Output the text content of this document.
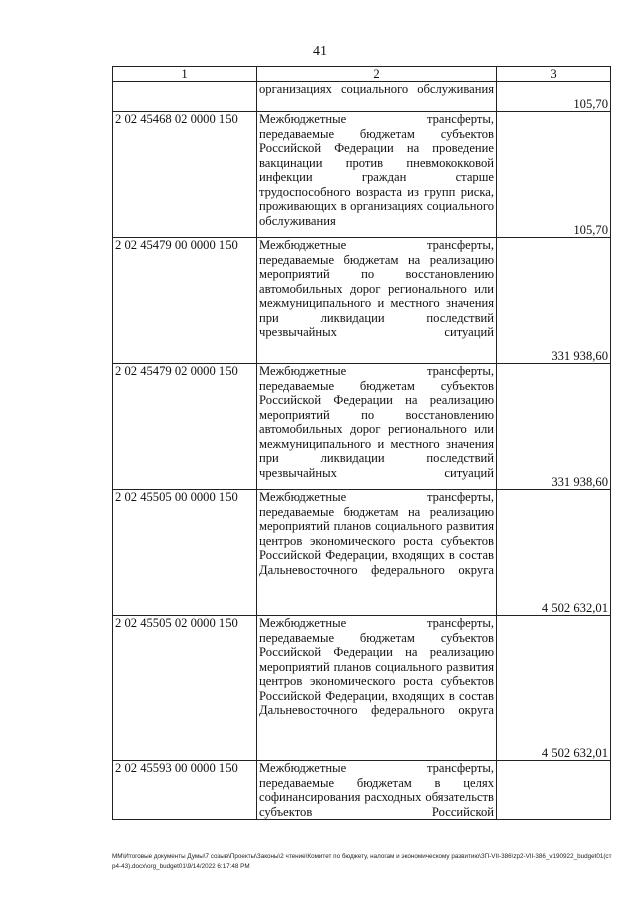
41
1	2	3
	организациях социального обслуживания	105,70
2 02 45468 02 0000 150	Межбюджетные трансферты, передаваемые бюджетам субъектов Российской Федерации на проведение вакцинации против пневмококковой инфекции граждан старше трудоспособного возраста из групп риска, проживающих в организациях социального обслуживания	105,70
2 02 45479 00 0000 150	Межбюджетные трансферты, передаваемые бюджетам на реализацию мероприятий по восстановлению автомобильных дорог регионального или межмуниципального и местного значения при ликвидации последствий чрезвычайных ситуаций	331 938,60
2 02 45479 02 0000 150	Межбюджетные трансферты, передаваемые бюджетам субъектов Российской Федерации на реализацию мероприятий по восстановлению автомобильных дорог регионального или межмуниципального и местного значения при ликвидации последствий чрезвычайных ситуаций	331 938,60
2 02 45505 00 0000 150	Межбюджетные трансферты, передаваемые бюджетам на реализацию мероприятий планов социального развития центров экономического роста субъектов Российской Федерации, входящих в состав Дальневосточного федерального округа	4 502 632,01
2 02 45505 02 0000 150	Межбюджетные трансферты, передаваемые бюджетам субъектов Российской Федерации на реализацию мероприятий планов социального развития центров экономического роста субъектов Российской Федерации, входящих в состав Дальневосточного федерального округа	4 502 632,01
2 02 45593 00 0000 150	Межбюджетные трансферты, передаваемые бюджетам в целях софинансирования расходных обязательств субъектов Российской	
ММ\Итоговые документы Думы\7 созыв\Проекты\Законы\2 чтение\Комитет по бюджету, налогам и экономическому развитию\ЗП-VII-386\zp2-VII-386_v190922_budget01(стр4-43).docx\org_budget01\9/14/2022 6:17:48 PM
